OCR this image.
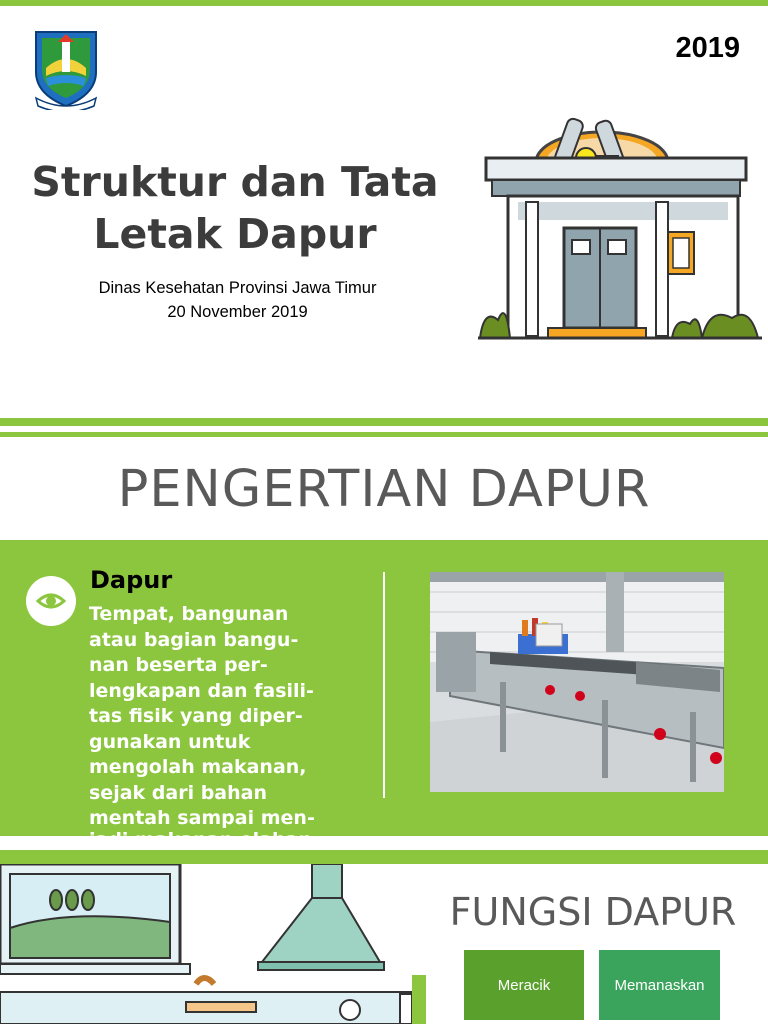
2019
Struktur dan Tata
Letak Dapur
Dinas Kesehatan Provinsi Jawa Timur
20 November 2019
PENGERTIAN DAPUR
Dapur
Tempat, bangunan
atau bagian bangu-
nan beserta per-
lengkapan dan fasili-
tas fisik yang diper-
gunakan untuk
mengolah makanan,
sejak dari bahan
mentah sampai men-
FUNGSI DAPUR
Meracik	Memanaskan
